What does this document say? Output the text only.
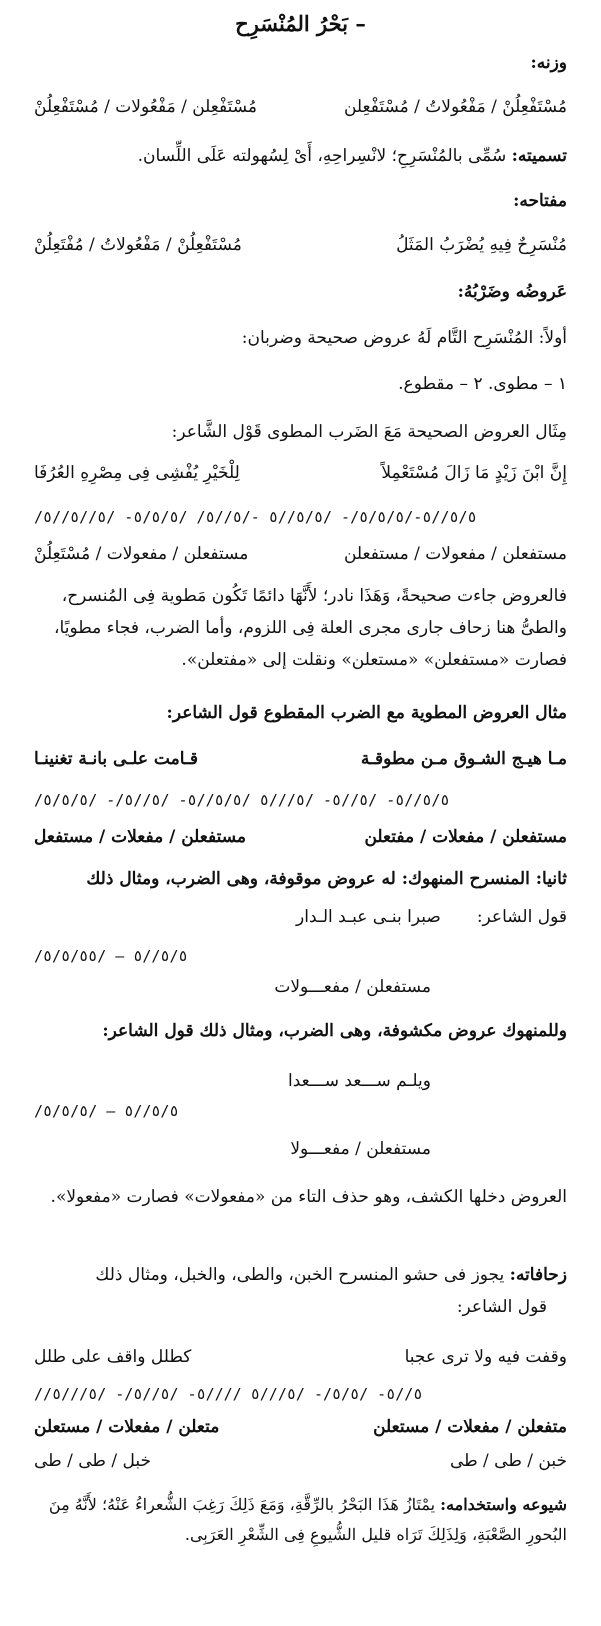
– بَحْرُ المُنْسَرِح
وزنه:
مُسْتَفْعِلُنْ / مَفْعُولاتُ / مُسْتَفْعِلن
مُسْتَفْعِلن / مَفْعُولات / مُسْتَفْعِلُنْ
تسميته: سُمِّى بالمُنْسَرِحِ؛ لانْسِراحِهِ، أَىْ لِسُهولته عَلَى اللِّسان.
مفتاحه:
مُنْسَرِحٌ فِيهِ يُضْرَبُ المَثَلُ
مُسْتَفْعِلُنْ / مَفْعُولاتُ / مُفْتَعِلُنْ
عَروضُه وضَرْبُهُ:
أولاً: المُنْسَرِح التَّام لَهُ عروض صحيحة وضربان:
١ – مطوى. ٢ – مقطوع.
مِثَال العروض الصحيحة مَعَ الضَرب المطوى قَوْل الشَّاعر:
إِنَّ ابْنَ زَيْدٍ مَا زَالَ مُسْتَعْمِلاً
لِلْخَيْرِ يُفْشِى فِى مِصْرِهِ العُرُفَا
/٥/٥//٥-/٥/٥/٥/- /٥/٥//٥ -/٥//٥/ /٥/٥/٥- /٥//٥//٥
مستفعلن / مفعولات / مستفعلن
مستفعلن / مفعولات / مُسْتَعِلُنْ
فالعروض جاءت صحيحةً، وَهَذَا نادر؛ لأَنَّهَا دائمًا تَكُون مَطوية فِى المُنسرح، والطىُّ هنا زحاف جارى مجرى العلة فِى اللزوم، وأما الضرب، فجاء مطويًا، فصارت «مستفعلن» «مستعلن» ونقلت إلى «مفتعلن».
مثال العروض المطوية مع الضرب المقطوع قول الشاعر:
مـا هيـج الشـوق مـن مطوقـة
قـامت علـى بانـة تغنينـا
/٥/٥//٥- /٥//٥- /٥///٥ /٥/٥//٥- /٥//٥/- /٥/٥/٥
مستفعلن / مفعلات / مفتعلن
مستفعلن / مفعلات / مستفعل
ثانيا: المنسرح المنهوك: له عروض موقوفة، وهى الضرب، ومثال ذلك
قول الشاعر:
صبرا بنـى عبـد الـدار
/٥/٥//٥ – /٥/٥/٥٥
مستفعلن / مفعـــولات
وللمنهوك عروض مكشوفة، وهى الضرب، ومثال ذلك قول الشاعر:
ويلـم ســـعد ســـعدا
/٥/٥//٥ – /٥/٥/٥
مستفعلن / مفعـــولا
العروض دخلها الكشف، وهو حذف التاء من «مفعولات» فصارت «مفعولا».
زحافاته: يجوز فى حشو المنسرح الخبن، والطى، والخبل، ومثال ذلك
قول الشاعر:
وقفت فيه ولا ترى عجبا
كطلل واقف على طلل
//٥//٥- /٥/٥/- /٥///٥ ////٥- /٥//٥/- /٥///٥
متفعلن / مفعلات / مستعلن
متعلن / مفعلات / مستعلن
خبن / طى / طى
خبل / طى / طى
شيوعه واستخدامه: يمْتَازُ هَذَا البَحْرُ بالرِّقَّةِ، وَمَعَ ذَلِكَ رَغِبَ الشُّعراءُ عَنْهُ؛ لأَنَّهُ مِنَ البُحورِ الصَّعْبَةِ، وَلِذَلِكَ تَرَاه قليل الشُّيوعِ فِى الشِّعْرِ العَرَبِى.
